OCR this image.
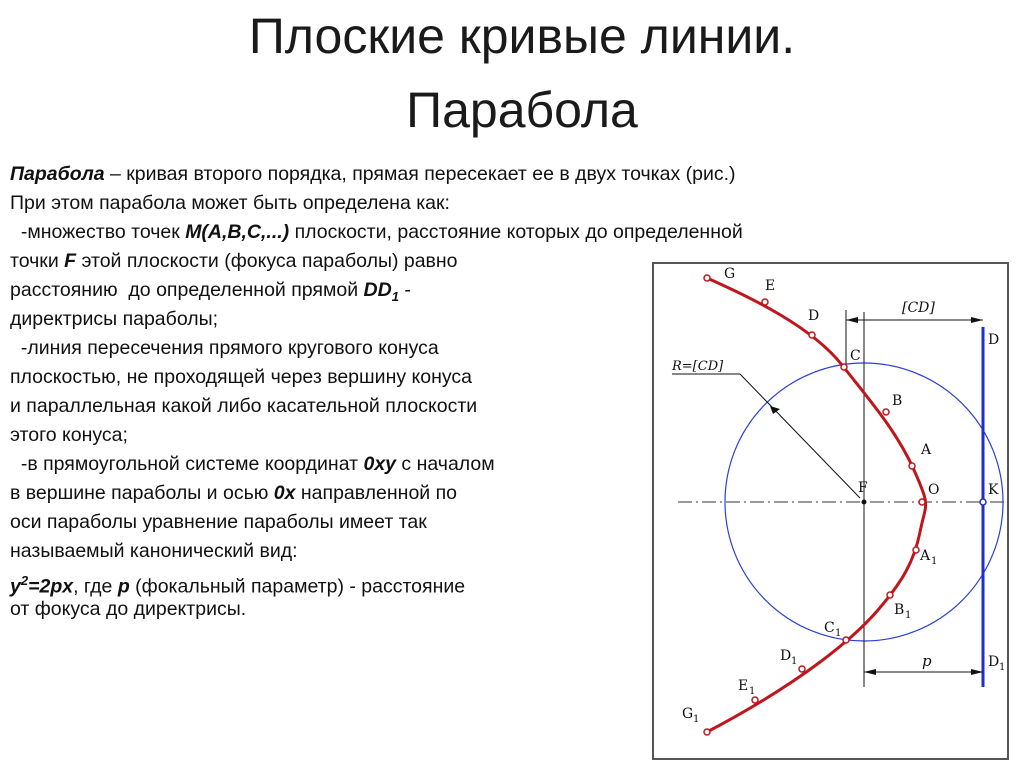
Плоские кривые линии.
Парабола
Парабола – кривая второго порядка, прямая пересекает ее в двух точках (рис.)
При этом парабола может быть определена как:
-множество точек M(A,B,C,...) плоскости, расстояние которых до определенной
точки F этой плоскости (фокуса параболы) равно
расстоянию  до определенной прямой $DD_1$ -
директрисы параболы;
-линия пересечения прямого кругового конуса
плоскостью, не проходящей через вершину конуса
и параллельная какой либо касательной плоскости
этого конуса;
-в прямоугольной системе координат 0xy с началом
в вершине параболы и осью 0x направленной по
оси параболы уравнение параболы имеет так
называемый канонический вид:
$y^2=2px$, где p (фокальный параметр) - расстояние
от фокуса до директрисы.
[CD]
p
R=[CD]
G
E
D
C
B
A
F	O	K
D
A 1
B 1
C 1
D 1	D 1
E 1
G 1
